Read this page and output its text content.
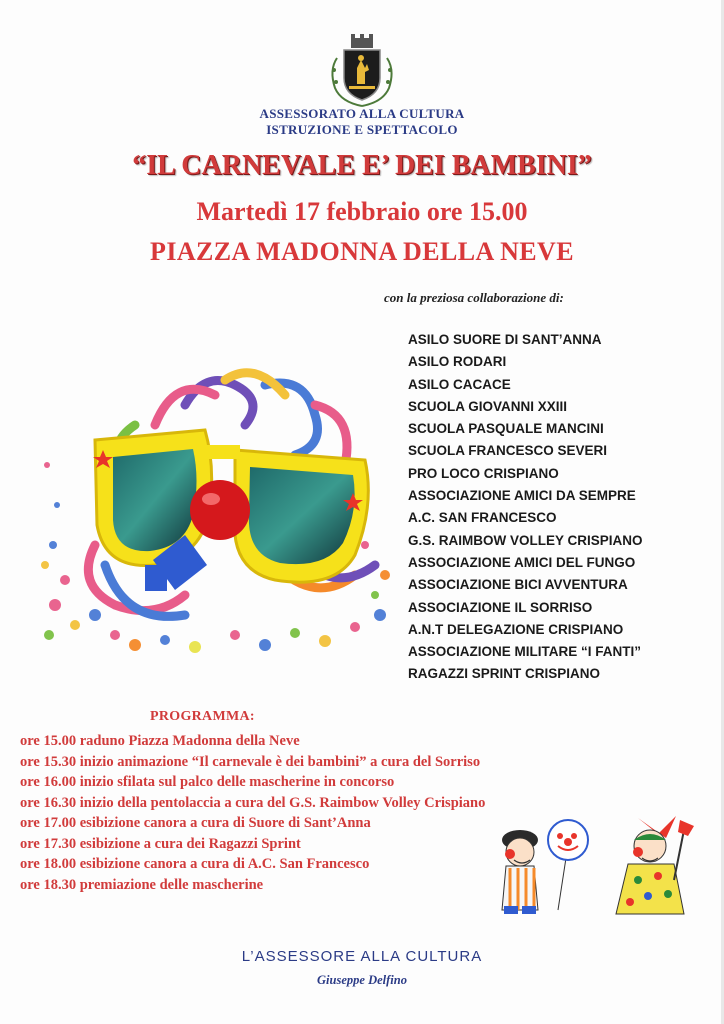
ASSESSORATO ALLA CULTURA
ISTRUZIONE E SPETTACOLO
“IL CARNEVALE E’ DEI BAMBINI”
Martedì 17 febbraio ore 15.00
PIAZZA MADONNA DELLA NEVE
con la preziosa collaborazione di:
ASILO SUORE DI SANT’ANNA
ASILO RODARI
ASILO CACACE
SCUOLA GIOVANNI XXIII
SCUOLA PASQUALE MANCINI
SCUOLA FRANCESCO SEVERI
PRO LOCO CRISPIANO
ASSOCIAZIONE AMICI DA SEMPRE
A.C. SAN FRANCESCO
G.S. RAIMBOW VOLLEY CRISPIANO
ASSOCIAZIONE AMICI DEL FUNGO
ASSOCIAZIONE BICI AVVENTURA
ASSOCIAZIONE IL SORRISO
A.N.T DELEGAZIONE CRISPIANO
ASSOCIAZIONE MILITARE “I FANTI”
RAGAZZI SPRINT CRISPIANO
PROGRAMMA:
ore 15.00 raduno Piazza Madonna della Neve
ore 15.30 inizio animazione “Il carnevale è dei bambini” a cura del Sorriso
ore 16.00 inizio sfilata sul palco delle mascherine in concorso
ore 16.30 inizio della pentolaccia a cura del G.S. Raimbow Volley Crispiano
ore 17.00 esibizione canora a cura di Suore di Sant’Anna
ore 17.30 esibizione a cura dei Ragazzi Sprint
ore 18.00 esibizione canora a cura di A.C. San Francesco
ore 18.30 premiazione delle mascherine
L’ASSESSORE ALLA CULTURA
Giuseppe Delfino
